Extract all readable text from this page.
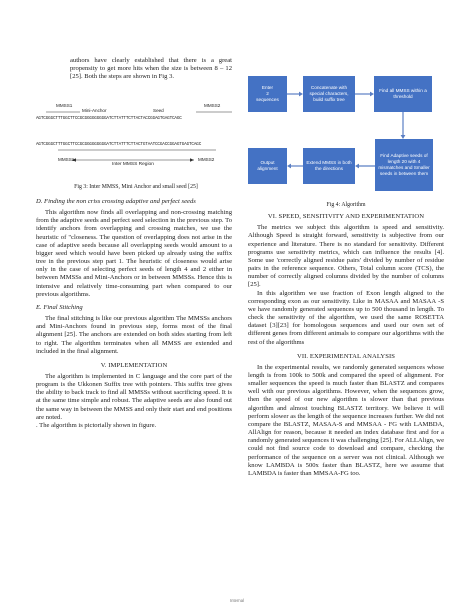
authors have clearly established that there is a great propensity to get more hits when the size is between 8 – 12 [25]. Both the steps are shown in Fig 3.

MMSS1
Mini-Anchor	Seed
MMSS2
AGTCGGGCTTTGGCTTCCGCGGGGGGGGGATCTTATTTCTTACTACCGGAGTGAGTCAGC
AGTCGGGCTTTGGCTTCCGCGGGGGGGGGATCTTATTTCTTACTGTAATCCGACCGGAGTGAGTCAGC
MMSS1	MMSS2
Inter MMSS Region

Fig 3: Inter MMSS, Mini Anchor and small seed [25]

D. Finding the non criss crossing adaptive and perfect seeds

This algorithm now finds all overlapping and non-crossing matching from the adaptive seeds and perfect seed selection in the previous step. To identify anchors from overlapping and crossing matches, we use the heuristic of "closeness. The question of overlapping does not arise in the case of adaptive seeds because all overlapping seeds would amount to a bigger seed which would have been picked up already using the suffix tree in the previous step part 1. The heuristic of closeness would arise only in the case of selecting perfect seeds of length 4 and 2 either in between MMSSs and Mini-Anchors or in between MMSSs. Hence this is intensive and relatively time-consuming part when compared to our previous algorithms.

E. Final Stitching

The final stitching is like our previous algorithm The MMSSs anchors and Mini-Anchors found in previous step, forms most of the final alignment [25]. The anchors are extended on both sides starting from left to right. The algorithm terminates when all MMSS are extended and included in the final alignment.

V. IMPLEMENTATION

The algorithm is implemented in C language and the core part of the program is the Ukkonen Suffix tree with pointers. This suffix tree gives the ability to back track to find all MMSSs without sacrificing speed. It is at the same time simple and robust. The adaptive seeds are also found out the same way in between the MMSS and only their start and end positions are noted.

. The algorithm is pictorially shown in figure.

Enter
2
sequences
Concatenate with special characters, build suffix tree
Find all MMSS within a threshold
Find Adaptive seeds of length 20 with 4 mismatches and Smaller seeds in between them
Extend MMSS in both the directions
Output alignment

Fig 4: Algorithm

VI. SPEED, SENSITIVITY AND EXPERIMENTATION

The metrics we subject this algorithm is speed and sensitivity. Although Speed is straight forward, sensitivity is subjective from our experience and literature. There is no standard for sensitivity. Different programs use sensitivity metrics, which can influence the results [4]. Some use 'correctly aligned residue pairs' divided by number of residue pairs in the reference sequence. Others, Total column score (TCS), the number of correctly aligned columns divided by the number of columns [25].

In this algorithm we use fraction of Exon length aligned to the corresponding exon as our sensitivity. Like in MASAA and MASAA -S we have randomly generated sequences up to 500 thousand in length. To check the sensitivity of the algorithm, we used the same ROSETTA dataset [3][23] for homologous sequences and used our own set of different genes from different animals to compare our algorithms with the rest of the algorithms

VII. EXPERIMENTAL ANALYSIS

In the experimental results, we randomly generated sequences whose length is from 100k to 500k and compared the speed of alignment. For smaller sequences the speed is much faster than BLASTZ and compares well with our previous algorithms. However, when the sequences grow, then the speed of our new algorithm is slower than that previous algorithm and almost touching BLASTZ territory. We believe it will perform slower as the length of the sequence increases further. We did not compare the BLASTZ, MASAA-S and MMSAA - FG with LAMBDA, AllAlign for reason, because it needed an index database first and for a randomly generated sequences it was challenging [25]. For ALLAlign, we could not find source code to download and compare, checking the performance of the sequence on a server was not clinical. Although we know LAMBDA is 500x faster than BLASTZ, here we assume that LAMBDA is faster than MMSAA-FG too.

Internal
